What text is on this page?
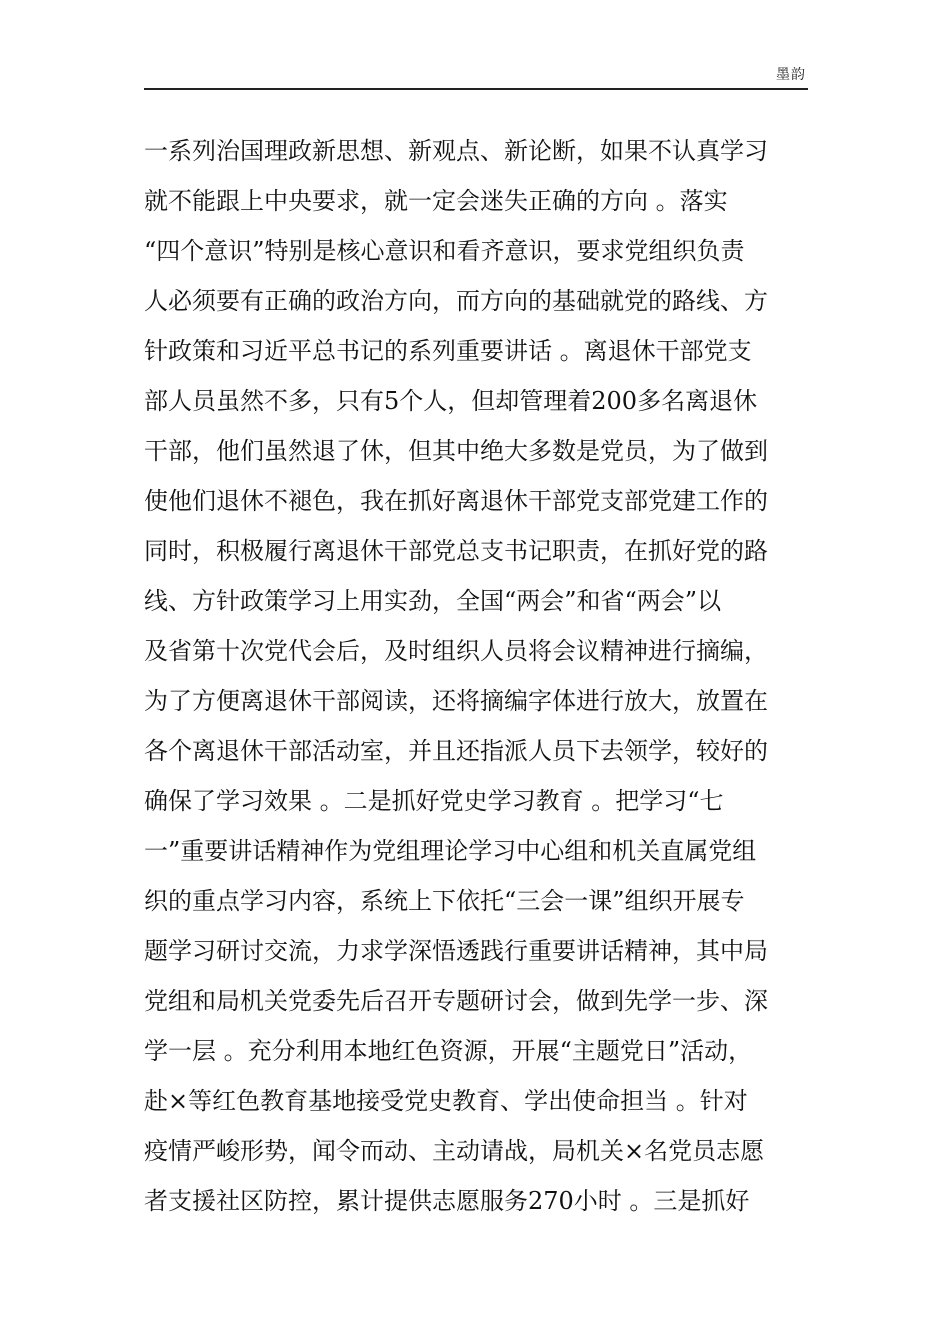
墨韵
一系列治国理政新思想、新观点、新论断，如果不认真学习
就不能跟上中央要求，就一定会迷失正确的方向 。落实
“四个意识”特别是核心意识和看齐意识，要求党组织负责
人必须要有正确的政治方向，而方向的基础就党的路线、方
针政策和习近平总书记的系列重要讲话 。离退休干部党支
部人员虽然不多，只有5个人，但却管理着200多名离退休
干部，他们虽然退了休，但其中绝大多数是党员，为了做到
使他们退休不褪色，我在抓好离退休干部党支部党建工作的
同时，积极履行离退休干部党总支书记职责，在抓好党的路
线、方针政策学习上用实劲，全国“两会”和省“两会”以
及省第十次党代会后，及时组织人员将会议精神进行摘编，
为了方便离退休干部阅读，还将摘编字体进行放大，放置在
各个离退休干部活动室，并且还指派人员下去领学，较好的
确保了学习效果 。二是抓好党史学习教育 。把学习“七
一”重要讲话精神作为党组理论学习中心组和机关直属党组
织的重点学习内容，系统上下依托“三会一课”组织开展专
题学习研讨交流，力求学深悟透践行重要讲话精神，其中局
党组和局机关党委先后召开专题研讨会，做到先学一步、深
学一层 。充分利用本地红色资源，开展“主题党日”活动，
赴×等红色教育基地接受党史教育、学出使命担当 。针对
疫情严峻形势，闻令而动、主动请战，局机关×名党员志愿
者支援社区防控，累计提供志愿服务270小时 。三是抓好
